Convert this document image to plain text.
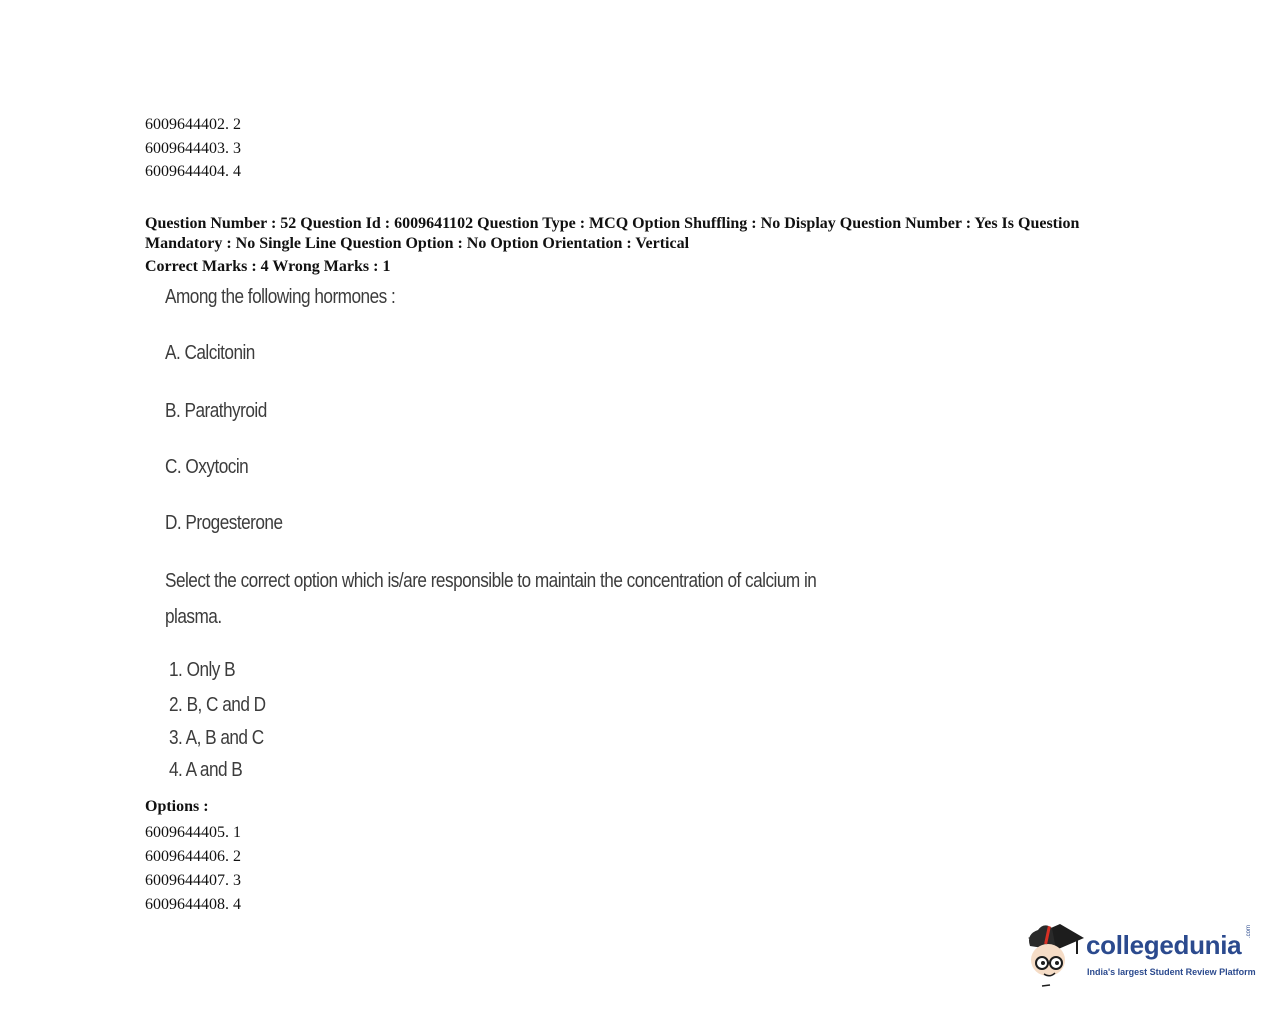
6009644402. 2
6009644403. 3
6009644404. 4
Question Number : 52 Question Id : 6009641102 Question Type : MCQ Option Shuffling : No Display Question Number : Yes Is Question Mandatory : No Single Line Question Option : No Option Orientation : Vertical
Correct Marks : 4 Wrong Marks : 1
Among the following hormones :
A. Calcitonin
B. Parathyroid
C. Oxytocin
D. Progesterone
Select the correct option which is/are responsible to maintain the concentration of calcium in
plasma.
1. Only B
2. B, C and D
3. A, B and C
4. A and B
Options :
6009644405. 1
6009644406. 2
6009644407. 3
6009644408. 4
collegedunia .com
India's largest Student Review Platform
